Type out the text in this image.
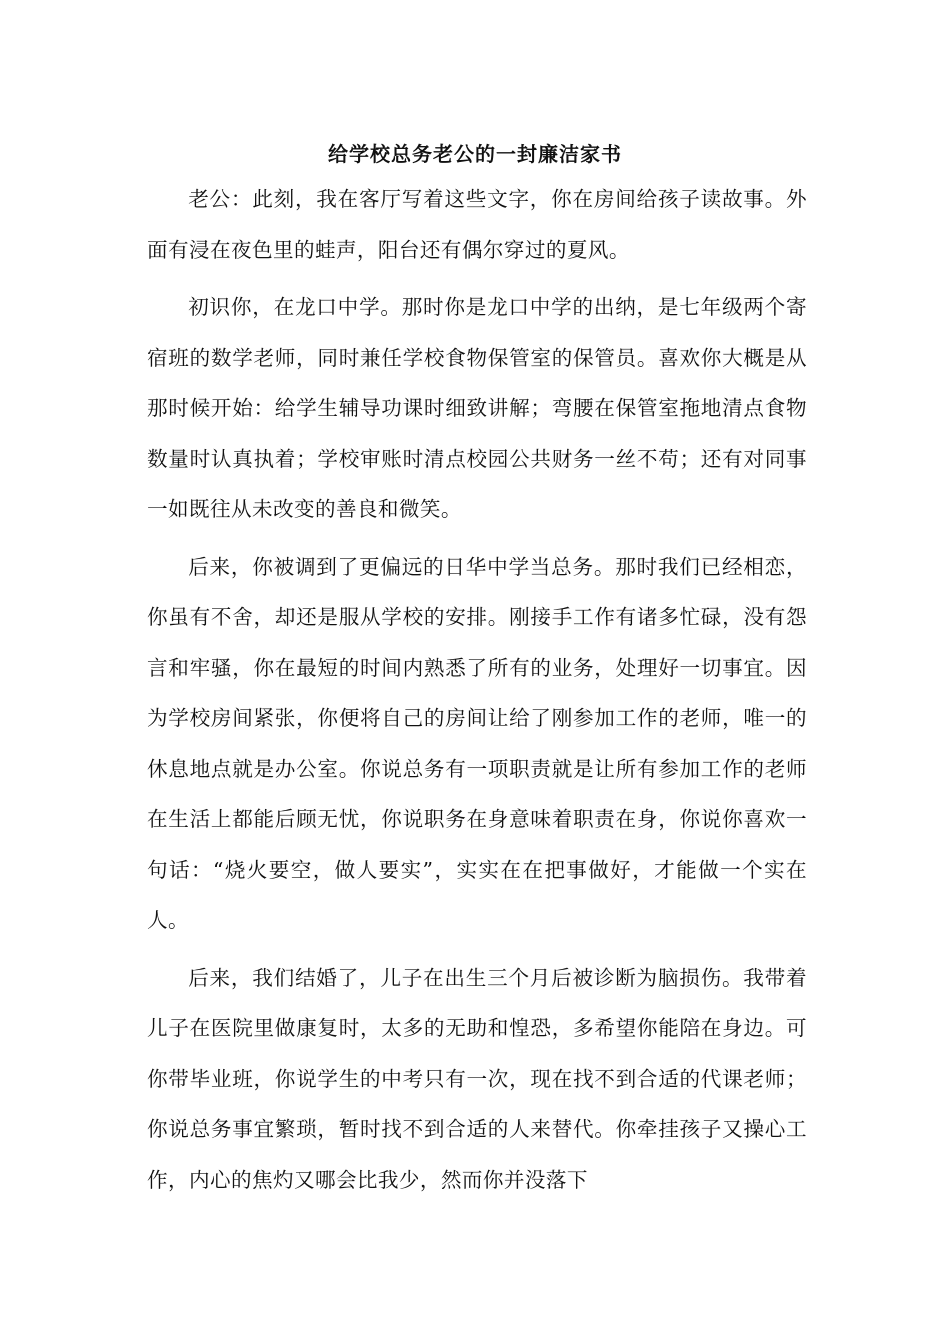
给学校总务老公的一封廉洁家书

老公：此刻，我在客厅写着这些文字，你在房间给孩子读故事。外面有浸在夜色里的蛙声，阳台还有偶尔穿过的夏风。

初识你，在龙口中学。那时你是龙口中学的出纳，是七年级两个寄宿班的数学老师，同时兼任学校食物保管室的保管员。喜欢你大概是从那时候开始：给学生辅导功课时细致讲解；弯腰在保管室拖地清点食物数量时认真执着；学校审账时清点校园公共财务一丝不苟；还有对同事一如既往从未改变的善良和微笑。

后来，你被调到了更偏远的日华中学当总务。那时我们已经相恋，你虽有不舍，却还是服从学校的安排。刚接手工作有诸多忙碌，没有怨言和牢骚，你在最短的时间内熟悉了所有的业务，处理好一切事宜。因为学校房间紧张，你便将自己的房间让给了刚参加工作的老师，唯一的休息地点就是办公室。你说总务有一项职责就是让所有参加工作的老师在生活上都能后顾无忧，你说职务在身意味着职责在身，你说你喜欢一句话：“烧火要空，做人要实”，实实在在把事做好，才能做一个实在人。

后来，我们结婚了，儿子在出生三个月后被诊断为脑损伤。我带着儿子在医院里做康复时，太多的无助和惶恐，多希望你能陪在身边。可你带毕业班，你说学生的中考只有一次，现在找不到合适的代课老师；你说总务事宜繁琐，暂时找不到合适的人来替代。你牵挂孩子又操心工作，内心的焦灼又哪会比我少，然而你并没落下
